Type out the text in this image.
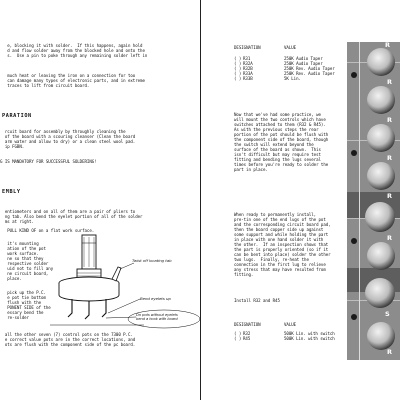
e, blocking it with solder.  If this happens, again hold
d and flow solder away from the blocked hole and onto the
s.  Use a pin to poke through any remaining solder left in
much heat or leaving the iron on a connection for too
can damage many types of electronic parts, and in extreme
traces to lift from circuit board.
PARATION
rcuit board for assembly by throughly cleaning the
of the board with a scouring cleanser (Clean the board
arm water and allow to dry) or a clean steel wool pad.
ip FGBN.
G IS MANDATORY FOR SUCCESSFUL SOLDERING!
EMBLY
entiometers and on all of them are a pair of pliers to
ng tab. Also bend the eyelet portion of all of the solder
ms at right.
PULL KIND OF on a flat work surface.
it's mounting
ation of the pot
work surface.
ne so that they
respective solder
uid not to fill any
ne circuit board,
place.
pick up the P.C.
e pot tie bottom
flush with the
PONENT SIDE of the
essary bend the
re-solder
all the other seven (7) control pots on the 7300 P.C.
e correct value pots are in the correct locations, and
ots are flush with the component side of the pc board.
Twist off locating tab
Bend eyelets up
On pots without eyelets
bend a hook with board
DESIGNATION	VALUE
( ) R31	250K Audio Taper
( ) R32A	250K Audio Taper
( ) R32B	250K Rev. Audio Taper
( ) R33A	250K Rev. Audio Taper
( ) R33B	5K Lin.
Now that we've had some practice, we
will mount the two controls which have
switches attached to them (R32 & R45).
As with the previous steps the rear
portion of the pot should be flush with
the component side of the board, though
the switch will extend beyond the
surface of the board as shown.  This
isn't difficult but may require test
fitting and bending the lugs several
times before you're ready to solder the
part in place.
When ready to permanently install,
pre-tin one of the end lugs of the pot
and the corresponding circuit board pad,
then the board copper side up against
some support and while holding the part
in place with one hand solder it with
the other.  If an inspection shows that
the part is properly oriented (so if it
can be bent into place) solder the other
two lugs.  Finally, re-heat the
connection in the first lug to relieve
any stress that may have resulted from
fitting.
Install R32 and R45
DESIGNATION	VALUE
( ) R32	500K Lin. with switch
( ) R45	500K Lin. with switch
R
R
R
R
R
R
S
R
